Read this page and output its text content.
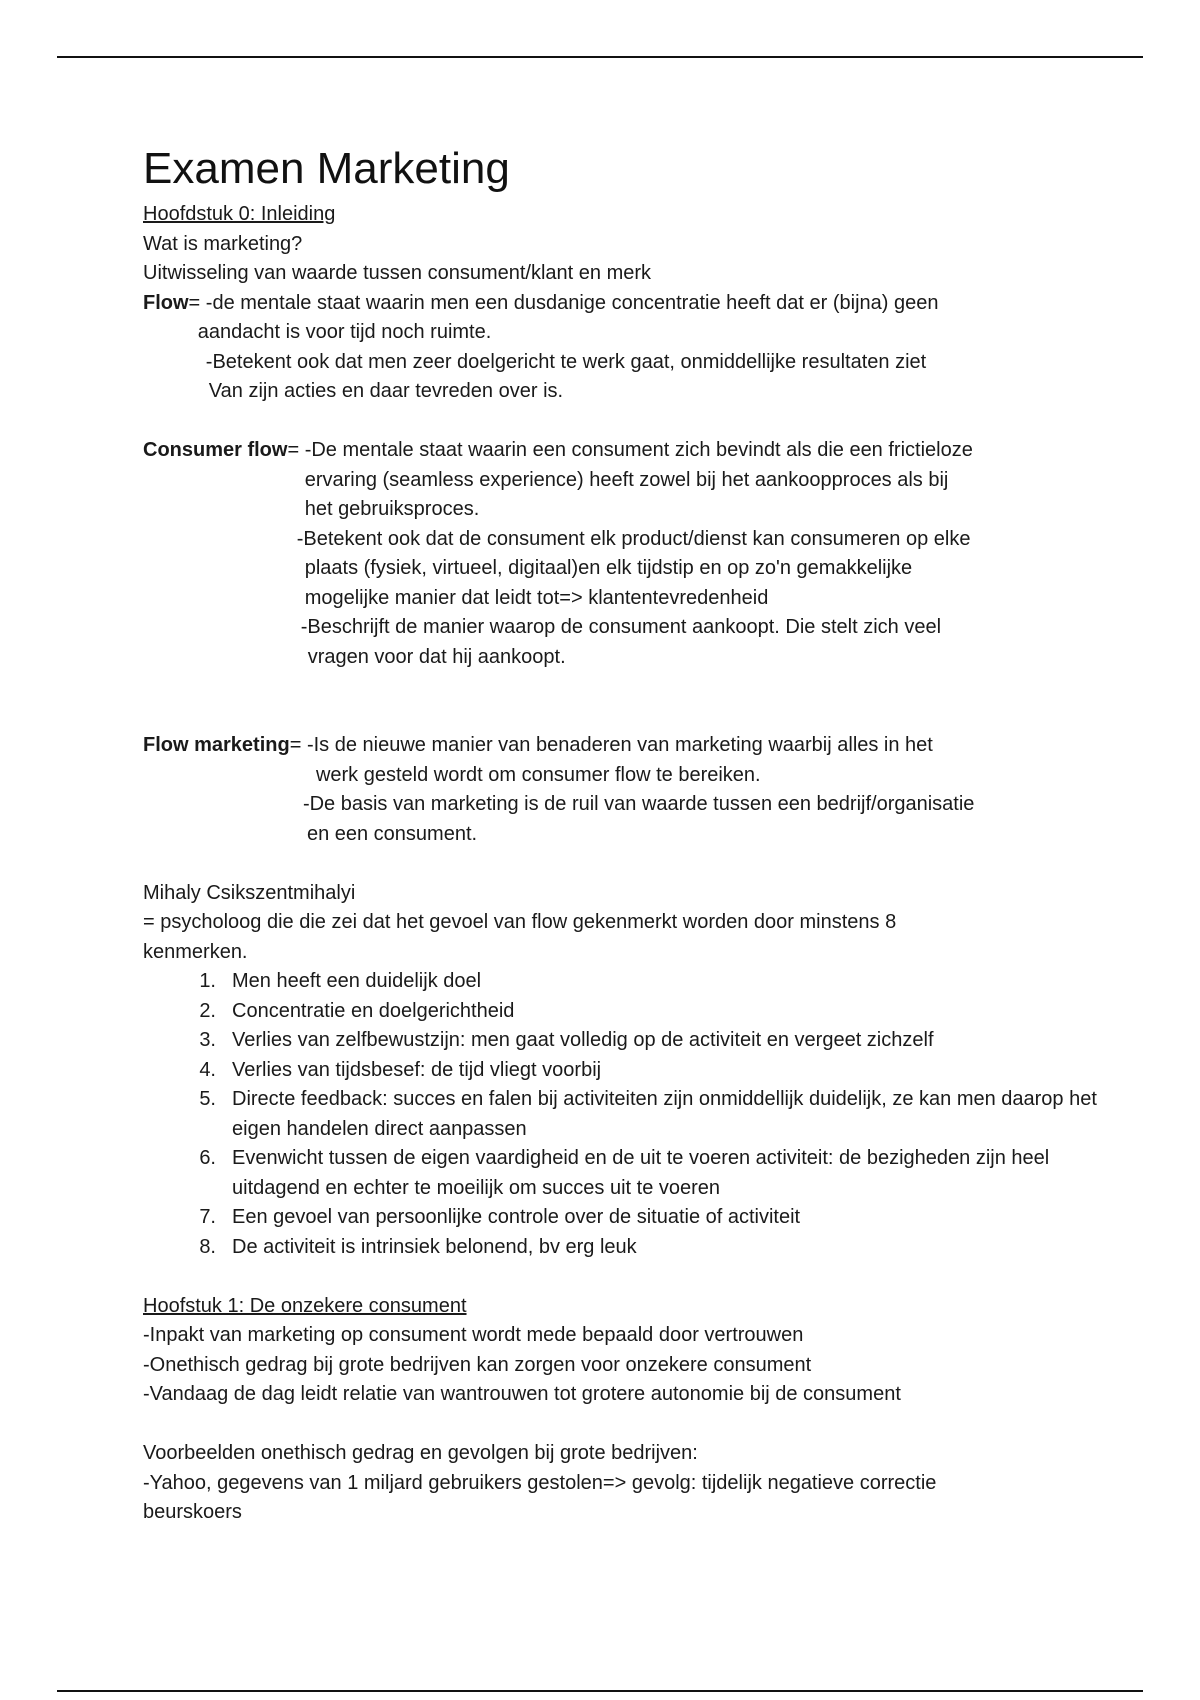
Examen Marketing

Hoofdstuk 0: Inleiding

Wat is marketing?

Uitwisseling van waarde tussen consument/klant en merk

Flow = -de mentale staat waarin men een dusdanige concentratie heeft dat er (bijna) geen

aandacht is voor tijd noch ruimte.

-Betekent ook dat men zeer doelgericht te werk gaat, onmiddellijke resultaten ziet

Van zijn acties en daar tevreden over is.

Consumer flow = -De mentale staat waarin een consument zich bevindt als die een frictieloze

ervaring (seamless experience) heeft zowel bij het aankoopproces als bij

het gebruiksproces.

-Betekent ook dat de consument elk product/dienst kan consumeren op elke

plaats (fysiek, virtueel, digitaal)en elk tijdstip en op zo'n gemakkelijke

mogelijke manier dat leidt tot=> klantentevredenheid

-Beschrijft de manier waarop de consument aankoopt. Die stelt zich veel

vragen voor dat hij aankoopt.

Flow marketing = -Is de nieuwe manier van benaderen van marketing waarbij alles in het

werk gesteld wordt om consumer flow te bereiken.

-De basis van marketing is de ruil van waarde tussen een bedrijf/organisatie

en een consument.

Mihaly Csikszentmihalyi

= psycholoog die die zei dat het gevoel van flow gekenmerkt worden door minstens 8

kenmerken.

1. Men heeft een duidelijk doel
2. Concentratie en doelgerichtheid
3. Verlies van zelfbewustzijn: men gaat volledig op de activiteit en vergeet zichzelf
4. Verlies van tijdsbesef: de tijd vliegt voorbij
5. Directe feedback: succes en falen bij activiteiten zijn onmiddellijk duidelijk, ze kan men daarop het eigen handelen direct aanpassen
6. Evenwicht tussen de eigen vaardigheid en de uit te voeren activiteit: de bezigheden zijn heel uitdagend en echter te moeilijk om succes uit te voeren
7. Een gevoel van persoonlijke controle over de situatie of activiteit
8. De activiteit is intrinsiek belonend, bv erg leuk

Hoofstuk 1: De onzekere consument

-Inpakt van marketing op consument wordt mede bepaald door vertrouwen

-Onethisch gedrag bij grote bedrijven kan zorgen voor onzekere consument

-Vandaag de dag leidt relatie van wantrouwen tot grotere autonomie bij de consument

Voorbeelden onethisch gedrag en gevolgen bij grote bedrijven:

-Yahoo, gegevens van 1 miljard gebruikers gestolen=> gevolg: tijdelijk negatieve correctie

beurskoers
